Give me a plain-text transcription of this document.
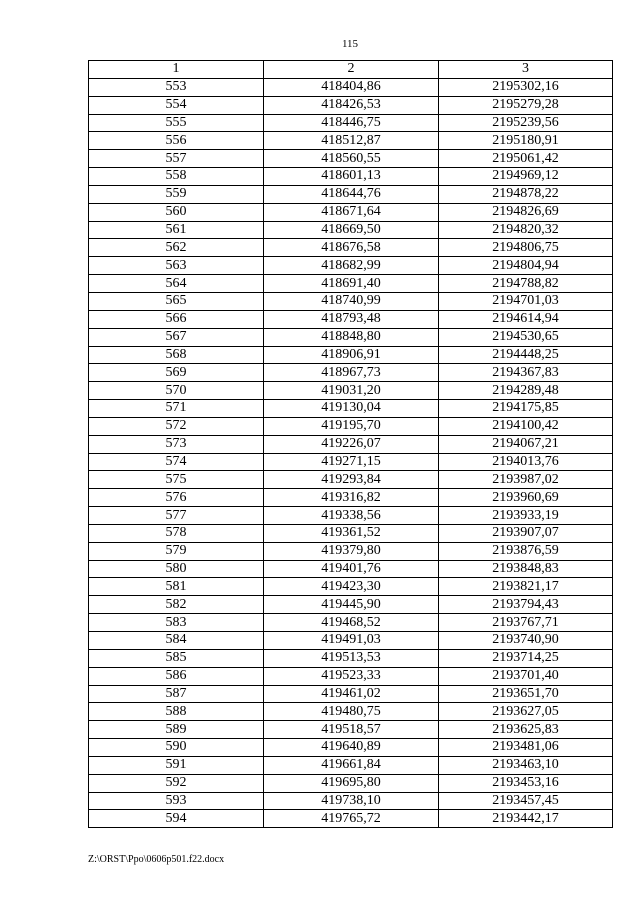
115
1	2	3
553	418404,86	2195302,16
554	418426,53	2195279,28
555	418446,75	2195239,56
556	418512,87	2195180,91
557	418560,55	2195061,42
558	418601,13	2194969,12
559	418644,76	2194878,22
560	418671,64	2194826,69
561	418669,50	2194820,32
562	418676,58	2194806,75
563	418682,99	2194804,94
564	418691,40	2194788,82
565	418740,99	2194701,03
566	418793,48	2194614,94
567	418848,80	2194530,65
568	418906,91	2194448,25
569	418967,73	2194367,83
570	419031,20	2194289,48
571	419130,04	2194175,85
572	419195,70	2194100,42
573	419226,07	2194067,21
574	419271,15	2194013,76
575	419293,84	2193987,02
576	419316,82	2193960,69
577	419338,56	2193933,19
578	419361,52	2193907,07
579	419379,80	2193876,59
580	419401,76	2193848,83
581	419423,30	2193821,17
582	419445,90	2193794,43
583	419468,52	2193767,71
584	419491,03	2193740,90
585	419513,53	2193714,25
586	419523,33	2193701,40
587	419461,02	2193651,70
588	419480,75	2193627,05
589	419518,57	2193625,83
590	419640,89	2193481,06
591	419661,84	2193463,10
592	419695,80	2193453,16
593	419738,10	2193457,45
594	419765,72	2193442,17
Z:\ORST\Ppo\0606p501.f22.docx
